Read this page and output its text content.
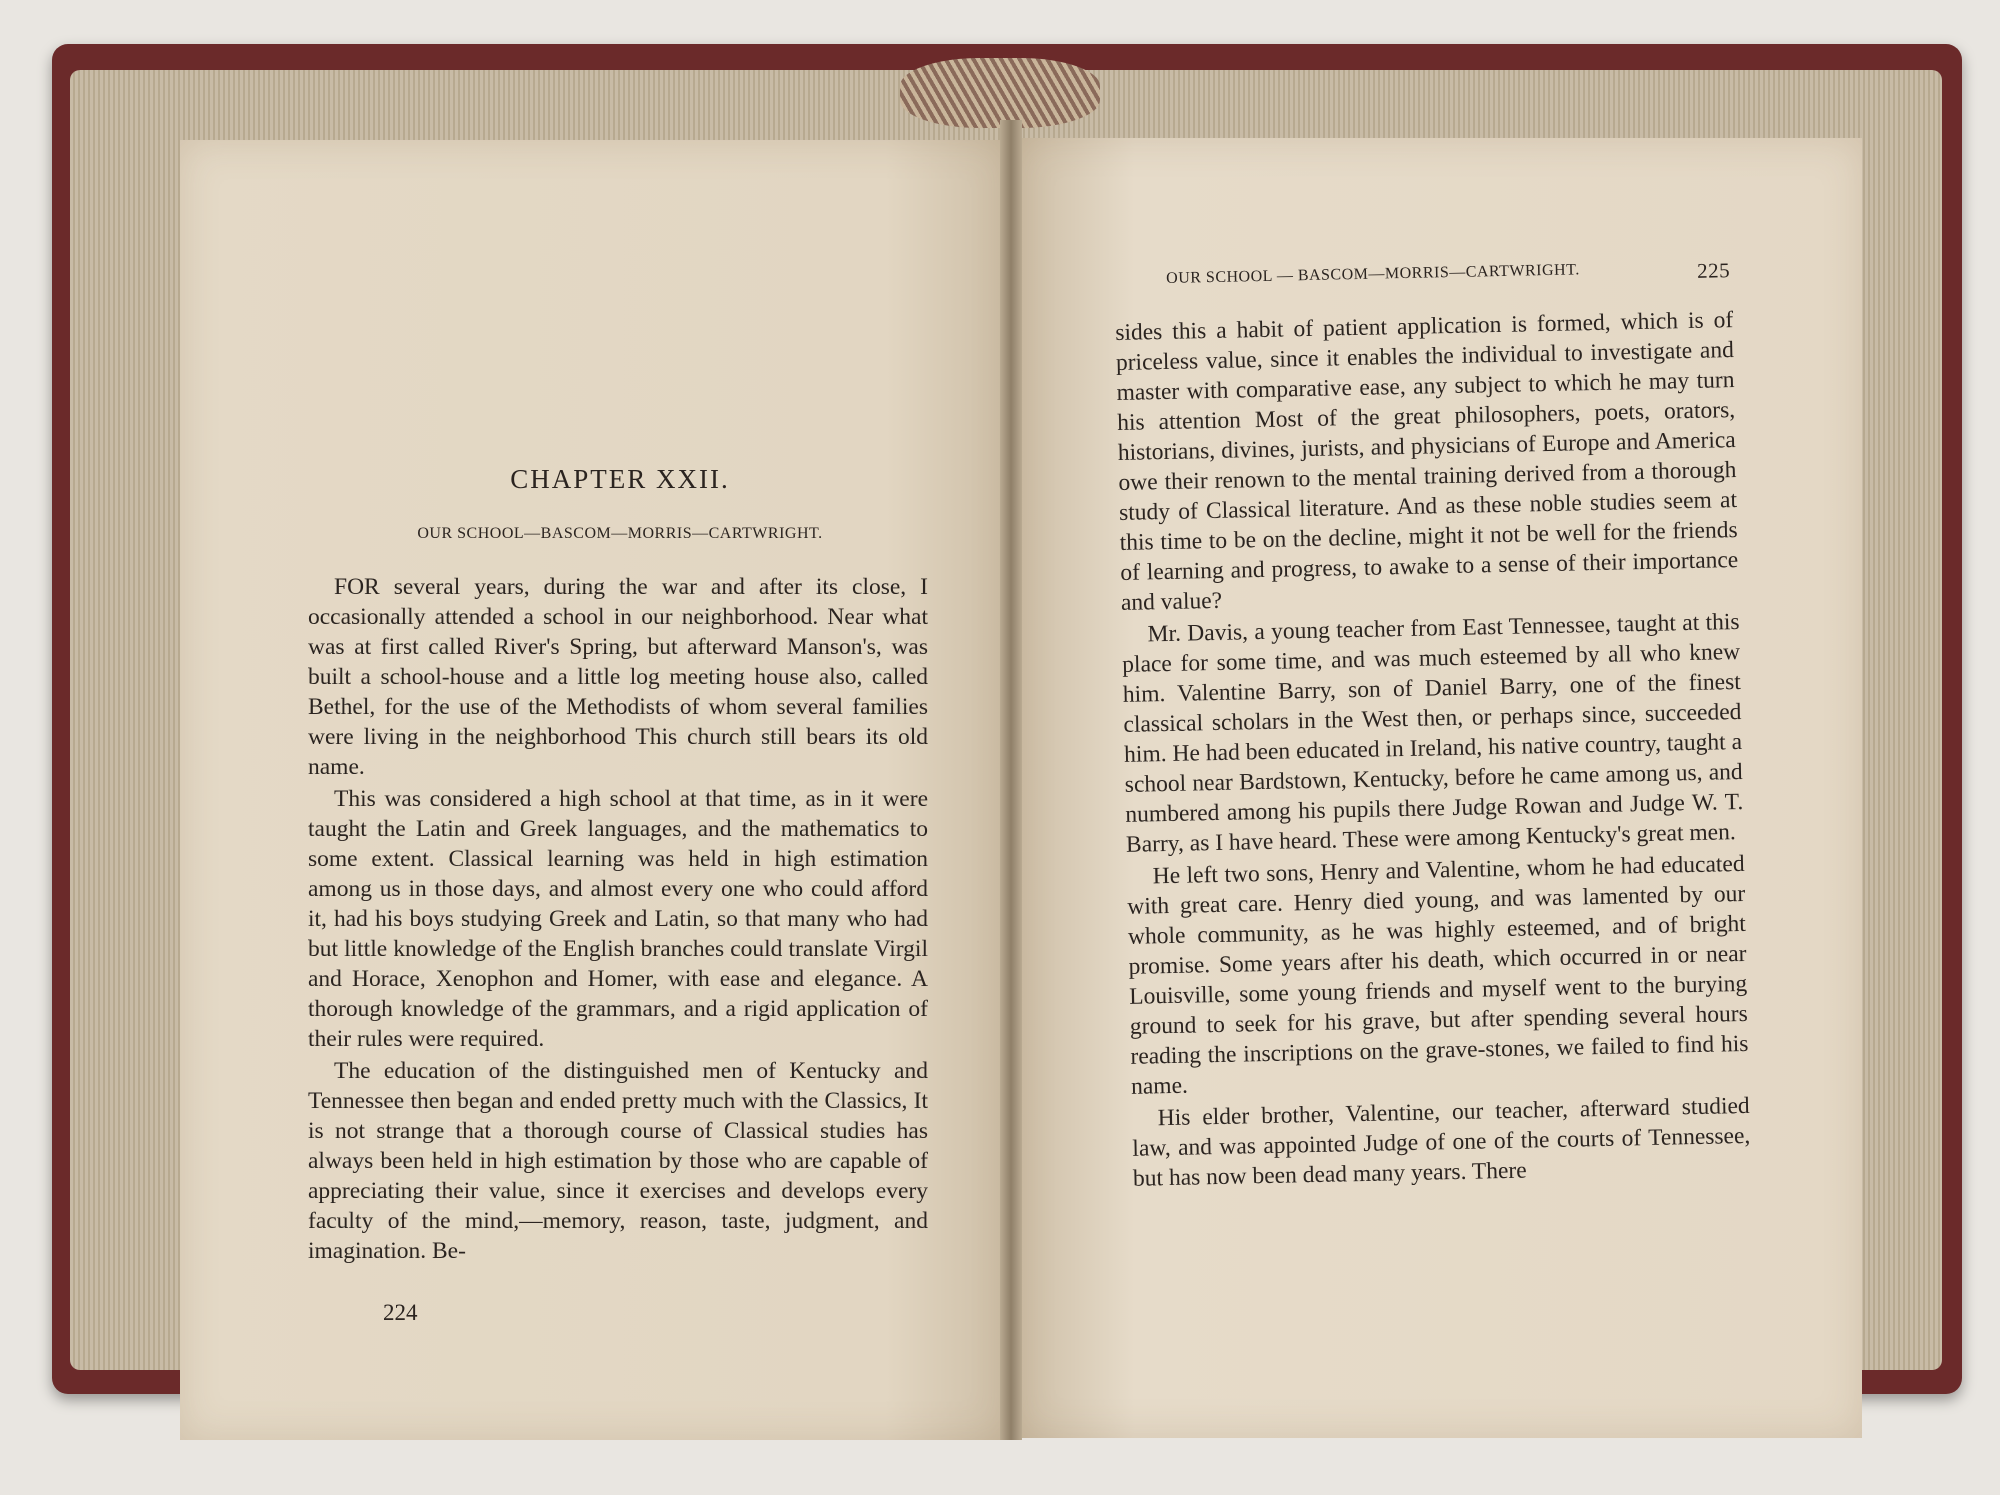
CHAPTER XXII.
OUR SCHOOL—BASCOM—MORRIS—CARTWRIGHT.

FOR several years, during the war and after its close, I occasionally attended a school in our neighborhood. Near what was at first called River's Spring, but afterward Manson's, was built a school-house and a little log meeting house also, called Bethel, for the use of the Methodists of whom several families were living in the neighborhood This church still bears its old name.

This was considered a high school at that time, as in it were taught the Latin and Greek languages, and the mathematics to some extent. Classical learning was held in high estimation among us in those days, and almost every one who could afford it, had his boys studying Greek and Latin, so that many who had but little knowledge of the English branches could translate Virgil and Horace, Xenophon and Homer, with ease and elegance. A thorough knowledge of the grammars, and a rigid application of their rules were required.

The education of the distinguished men of Kentucky and Tennessee then began and ended pretty much with the Classics, It is not strange that a thorough course of Classical studies has always been held in high estimation by those who are capable of appreciating their value, since it exercises and develops every faculty of the mind,—memory, reason, taste, judgment, and imagination. Be-

224
OUR SCHOOL — BASCOM—MORRIS—CARTWRIGHT.	225

sides this a habit of patient application is formed, which is of priceless value, since it enables the individual to investigate and master with comparative ease, any subject to which he may turn his attention Most of the great philosophers, poets, orators, historians, divines, jurists, and physicians of Europe and America owe their renown to the mental training derived from a thorough study of Classical literature. And as these noble studies seem at this time to be on the decline, might it not be well for the friends of learning and progress, to awake to a sense of their importance and value?

Mr. Davis, a young teacher from East Tennessee, taught at this place for some time, and was much esteemed by all who knew him. Valentine Barry, son of Daniel Barry, one of the finest classical scholars in the West then, or perhaps since, succeeded him. He had been educated in Ireland, his native country, taught a school near Bardstown, Kentucky, before he came among us, and numbered among his pupils there Judge Rowan and Judge W. T. Barry, as I have heard. These were among Kentucky's great men.

He left two sons, Henry and Valentine, whom he had educated with great care. Henry died young, and was lamented by our whole community, as he was highly esteemed, and of bright promise. Some years after his death, which occurred in or near Louisville, some young friends and myself went to the burying ground to seek for his grave, but after spending several hours reading the inscriptions on the grave-stones, we failed to find his name.

His elder brother, Valentine, our teacher, afterward studied law, and was appointed Judge of one of the courts of Tennessee, but has now been dead many years. There
